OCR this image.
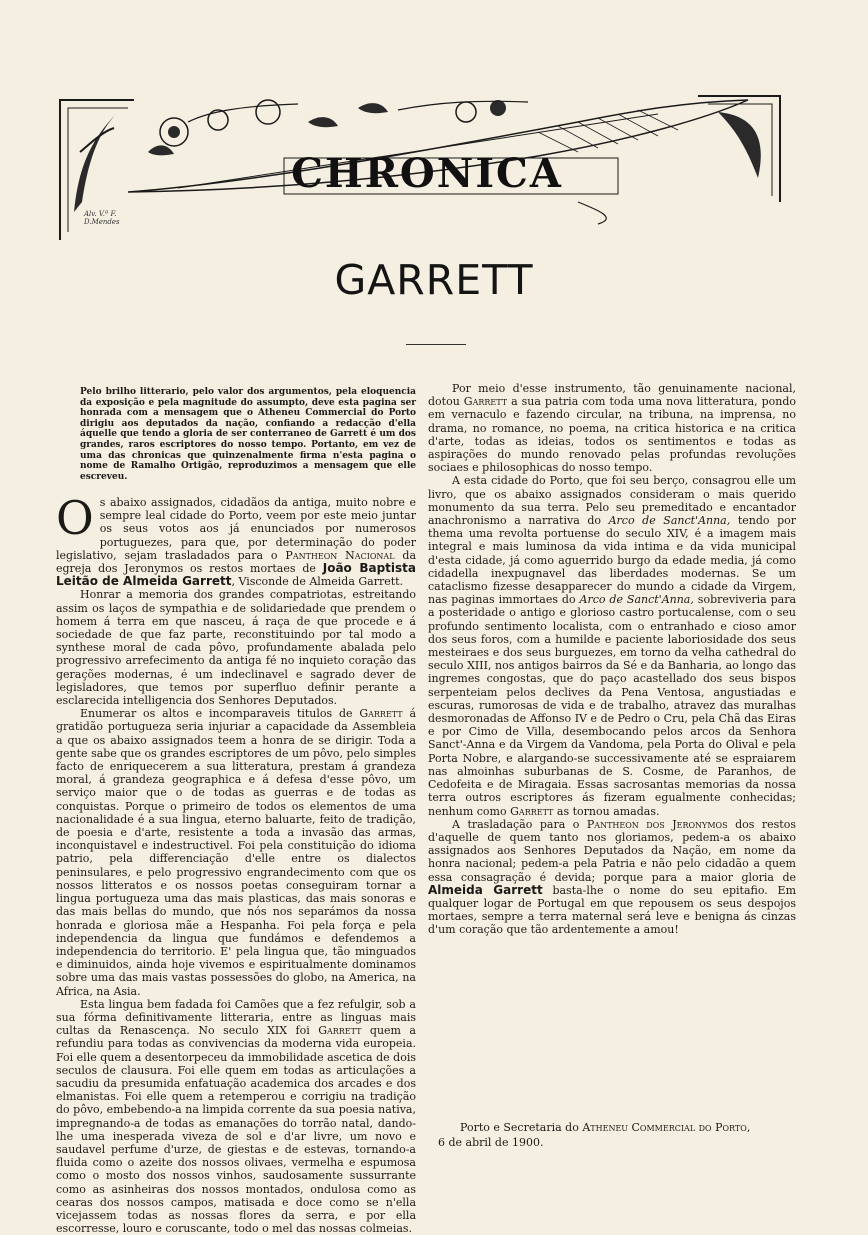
CHRONICA
Alv. V.ª F.
D.Mendes
GARRETT
Pelo brilho litterario, pelo valor dos argumentos, pela eloquencia da exposição e pela magnitude do assumpto, deve esta pagina ser honrada com a mensagem que o Atheneu Commercial do Porto dirigiu aos deputados da nação, confiando a redacção d'ella áquelle que tendo a gloria de ser conterraneo de Garrett é um dos grandes, raros escriptores do nosso tempo. Portanto, em vez de uma das chronicas que quinzenalmente firma n'esta pagina o nome de Ramalho Ortigão, reproduzimos a mensagem que elle escreveu.

Os abaixo assignados, cidadãos da antiga, muito nobre e sempre leal cidade do Porto, veem por este meio juntar os seus votos aos já enunciados por numerosos portuguezes, para que, por determinação do poder legislativo, sejam trasladados para o Pantheon Nacional da egreja dos Jeronymos os restos mortaes de João Baptista Leitão de Almeida Garrett, Visconde de Almeida Garrett.

Honrar a memoria dos grandes compatriotas, estreitando assim os laços de sympathia e de solidariedade que prendem o homem á terra em que nasceu, á raça de que procede e á sociedade de que faz parte, reconstituindo por tal modo a synthese moral de cada pôvo, profundamente abalada pelo progressivo arrefecimento da antiga fé no inquieto coração das gerações modernas, é um indeclinavel e sagrado dever de legisladores, que temos por superfluo definir perante a esclarecida intelligencia dos Senhores Deputados.

Enumerar os altos e incomparaveis titulos de Garrett á gratidão portugueza seria injuriar a capacidade da Assembleia a que os abaixo assignados teem a honra de se dirigir. Toda a gente sabe que os grandes escriptores de um pôvo, pelo simples facto de enriquecerem a sua litteratura, prestam á grandeza moral, á grandeza geographica e á defesa d'esse pôvo, um serviço maior que o de todas as guerras e de todas as conquistas. Porque o primeiro de todos os elementos de uma nacionalidade é a sua lingua, eterno baluarte, feito de tradição, de poesia e d'arte, resistente a toda a invasão das armas, inconquistavel e indestructivel. Foi pela constituição do idioma patrio, pela differenciação d'elle entre os dialectos peninsulares, e pelo progressivo engrandecimento com que os nossos litteratos e os nossos poetas conseguiram tornar a lingua portugueza uma das mais plasticas, das mais sonoras e das mais bellas do mundo, que nós nos separámos da nossa honrada e gloriosa mãe a Hespanha. Foi pela força e pela independencia da lingua que fundámos e defendemos a independencia do territorio. E' pela lingua que, tão minguados e diminuidos, ainda hoje vivemos e espiritualmente dominamos sobre uma das mais vastas possessões do globo, na America, na Africa, na Asia.

Esta lingua bem fadada foi Camões que a fez refulgir, sob a sua fórma definitivamente litteraria, entre as linguas mais cultas da Renascença. No seculo XIX foi Garrett quem a refundiu para todas as convivencias da moderna vida europeia. Foi elle quem a desentorpeceu da immobilidade ascetica de dois seculos de clausura. Foi elle quem em todas as articulações a sacudiu da presumida enfatuação academica dos arcades e dos elmanistas. Foi elle quem a retemperou e corrigiu na tradição do pôvo, embebendo-a na limpida corrente da sua poesia nativa, impregnando-a de todas as emanações do torrão natal, dando-lhe uma inesperada viveza de sol e d'ar livre, um novo e saudavel perfume d'urze, de giestas e de estevas, tornando-a fluida como o azeite dos nossos olivaes, vermelha e espumosa como o mosto dos nossos vinhos, saudosamente sussurrante como as asinheiras dos nossos montados, ondulosa como as cearas dos nossos campos, matisada e doce como se n'ella vicejassem todas as nossas flores da serra, e por ella escorresse, louro e coruscante, todo o mel das nossas colmeias.

Por meio d'esse instrumento, tão genuinamente nacional, dotou Garrett a sua patria com toda uma nova litteratura, pondo em vernaculo e fazendo circular, na tribuna, na imprensa, no drama, no romance, no poema, na critica historica e na critica d'arte, todas as ideias, todos os sentimentos e todas as aspirações do mundo renovado pelas profundas revoluções sociaes e philosophicas do nosso tempo.

A esta cidade do Porto, que foi seu berço, consagrou elle um livro, que os abaixo assignados consideram o mais querido monumento da sua terra. Pelo seu premeditado e encantador anachronismo a narrativa do Arco de Sanct'Anna, tendo por thema uma revolta portuense do seculo XIV, é a imagem mais integral e mais luminosa da vida intima e da vida municipal d'esta cidade, já como aguerrido burgo da edade media, já como cidadella inexpugnavel das liberdades modernas. Se um cataclismo fizesse desapparecer do mundo a cidade da Virgem, nas paginas immortaes do Arco de Sanct'Anna, sobreviveria para a posteridade o antigo e glorioso castro portucalense, com o seu profundo sentimento localista, com o entranhado e cioso amor dos seus foros, com a humilde e paciente laboriosidade dos seus mesteiraes e dos seus burguezes, em torno da velha cathedral do seculo XIII, nos antigos bairros da Sé e da Banharia, ao longo das ingremes congostas, que do paço acastellado dos seus bispos serpenteiam pelos declives da Pena Ventosa, angustiadas e escuras, rumorosas de vida e de trabalho, atravez das muralhas desmoronadas de Affonso IV e de Pedro o Cru, pela Chã das Eiras e por Cimo de Villa, desembocando pelos arcos da Senhora Sanct'-Anna e da Virgem da Vandoma, pela Porta do Olival e pela Porta Nobre, e alargando-se successivamente até se espraiarem nas almoinhas suburbanas de S. Cosme, de Paranhos, de Cedofeita e de Miragaia. Essas sacrosantas memorias da nossa terra outros escriptores ás fizeram egualmente conhecidas; nenhum como Garrett as tornou amadas.

A trasladação para o Pantheon dos Jeronymos dos restos d'aquelle de quem tanto nos gloriamos, pedem-a os abaixo assignados aos Senhores Deputados da Nação, em nome da honra nacional; pedem-a pela Patria e não pelo cidadão a quem essa consagração é devida; porque para a maior gloria de Almeida Garrett basta-lhe o nome do seu epitafio. Em qualquer logar de Portugal em que repousem os seus despojos mortaes, sempre a terra maternal será leve e benigna ás cinzas d'um coração que tão ardentemente a amou!

Porto e Secretaria do Atheneu Commercial do Porto,

6 de abril de 1900.
